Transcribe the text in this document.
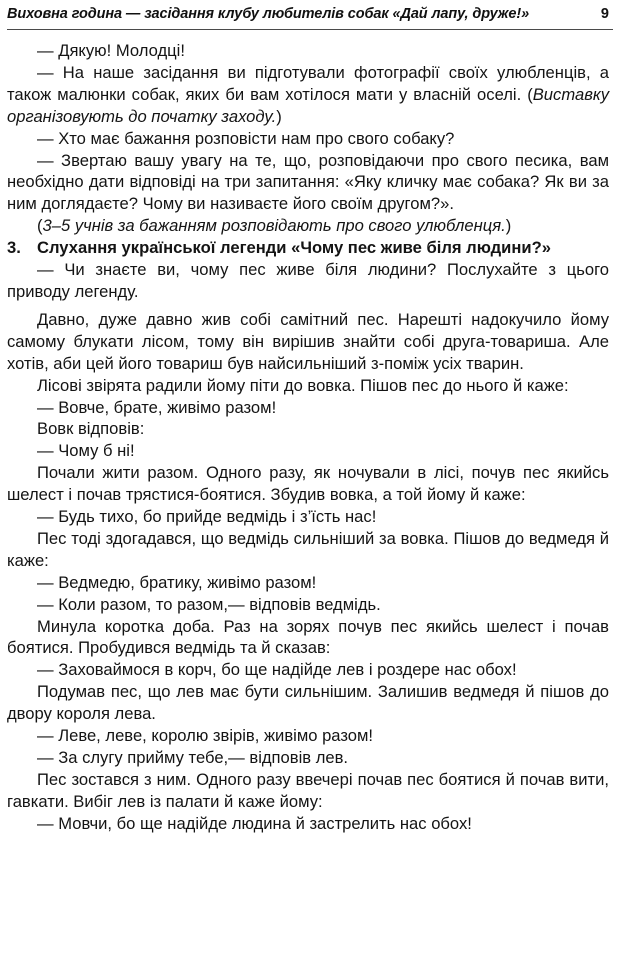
Виховна година — засідання клубу любителів собак «Дай лапу, друже!»	9

— Дякую! Молодці!

— На наше засідання ви підготували фотографії своїх улюбленців, а також малюнки собак, яких би вам хотілося мати у власній оселі. (Виставку організовують до початку заходу.)

— Хто має бажання розповісти нам про свого собаку?

— Звертаю вашу увагу на те, що, розповідаючи про свого песика, вам необхідно дати відповіді на три запитання: «Яку кличку має собака? Як ви за ним доглядаєте? Чому ви називаєте його своїм другом?».

(3–5 учнів за бажанням розповідають про свого улюбленця.)

3. Слухання української легенди «Чому пес живе біля людини?»

— Чи знаєте ви, чому пес живе біля людини? Послухайте з цього приводу легенду.

Давно, дуже давно жив собі самітний пес. Нарешті надокучило йому самому блукати лісом, тому він вирішив знайти собі друга-товариша. Але хотів, аби цей його товариш був найсильніший з-поміж усіх тварин.

Лісові звірята радили йому піти до вовка. Пішов пес до нього й каже:

— Вовче, брате, живімо разом!

Вовк відповів:

— Чому б ні!

Почали жити разом. Одного разу, як ночували в лісі, почув пес якийсь шелест і почав трястися-боятися. Збудив вовка, а той йому й каже:

— Будь тихо, бо прийде ведмідь і з’їсть нас!

Пес тоді здогадався, що ведмідь сильніший за вовка. Пішов до ведмедя й каже:

— Ведмедю, братику, живімо разом!

— Коли разом, то разом,— відповів ведмідь.

Минула коротка доба. Раз на зорях почув пес якийсь шелест і почав боятися. Пробудився ведмідь та й сказав:

— Заховаймося в корч, бо ще надійде лев і роздере нас обох!

Подумав пес, що лев має бути сильнішим. Залишив ведмедя й пішов до двору короля лева.

— Леве, леве, королю звірів, живімо разом!

— За слугу прийму тебе,— відповів лев.

Пес зостався з ним. Одного разу ввечері почав пес боятися й почав вити, гавкати. Вибіг лев із палати й каже йому:

— Мовчи, бо ще надійде людина й застрелить нас обох!
